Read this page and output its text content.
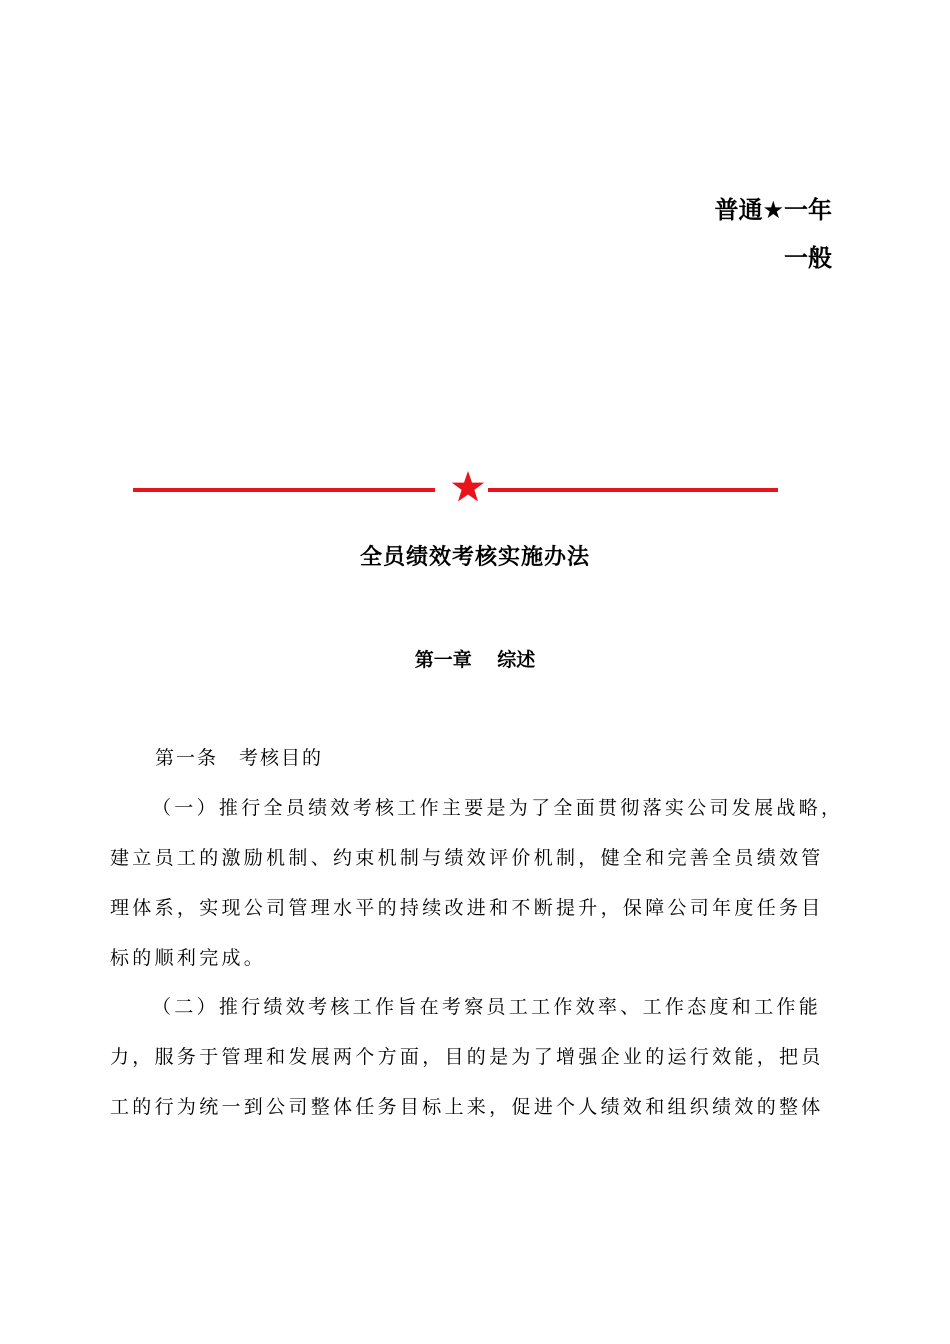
普通★一年
一般
全员绩效考核实施办法
第一章　 综述
第一条　考核目的
（一）推行全员绩效考核工作主要是为了全面贯彻落实公司发展战略，
建立员工的激励机制、约束机制与绩效评价机制，健全和完善全员绩效管
理体系，实现公司管理水平的持续改进和不断提升，保障公司年度任务目
标的顺利完成。
（二）推行绩效考核工作旨在考察员工工作效率、工作态度和工作能
力，服务于管理和发展两个方面，目的是为了增强企业的运行效能，把员
工的行为统一到公司整体任务目标上来，促进个人绩效和组织绩效的整体
